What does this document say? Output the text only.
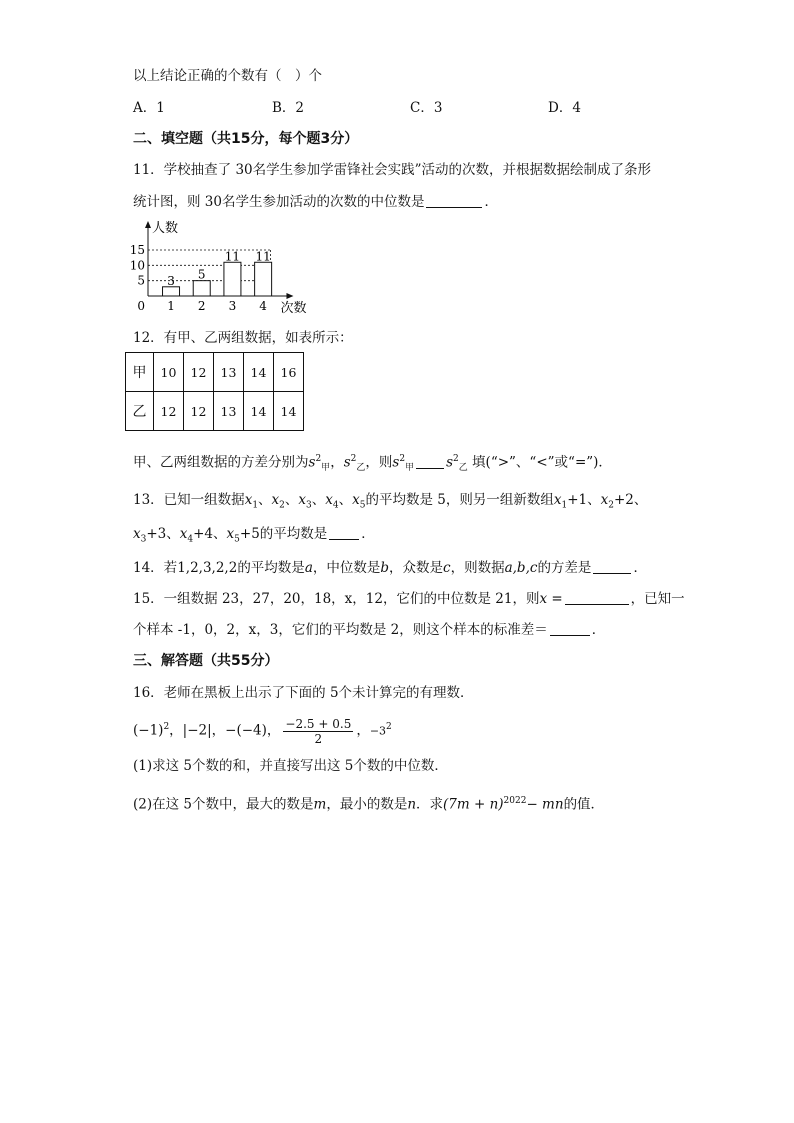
以上结论正确的个数有（　）个
A．1	B．2	C．3	D．4
二、填空题（共15分，每个题3分）
11．学校抽查了 30名学生参加学雷锋社会实践”活动的次数，并根据数据绘制成了条形
统计图，则 30名学生参加活动的次数的中位数是	．
5
10
15
0
人数
次数
3
1
5
2
11
3
11
4
12．有甲、乙两组数据，如表所示：
甲	10	12	13	14	16
乙	12	12	13	14	14
甲、乙两组数据的方差分别为$s^2_甲$，$s^2_乙$，则$s^2_甲$ $s^2_乙$ 填(“>”、“<”或“=”)．
13．已知一组数据$x_1$、$x_2$、$x_3$、$x_4$、$x_5$的平均数是 5，则另一组新数组$x_1+1$、$x_2+2$、
$x_3+3$、$x_4+4$、$x_5+5$的平均数是	．
14．若1,2,3,2,2的平均数是a，中位数是b，众数是c，则数据a,b,c的方差是	．
15．一组数据 23，27，20，18，x，12，它们的中位数是 21，则x =	，已知一
个样本 -1，0，2，x，3，它们的平均数是 2，则这个样本的标准差＝	．
三、解答题（共55分）
16．老师在黑板上出示了下面的 5个未计算完的有理数．
$(-1)^2$，|−2|，−(−4)， $\frac{-2.5 + 0.5}{2}$ ，$-3^2$
(1)求这 5个数的和，并直接写出这 5个数的中位数．
(2)在这 5个数中，最大的数是m，最小的数是n．求$(7m + n)^{2022}-$ mn的值．
